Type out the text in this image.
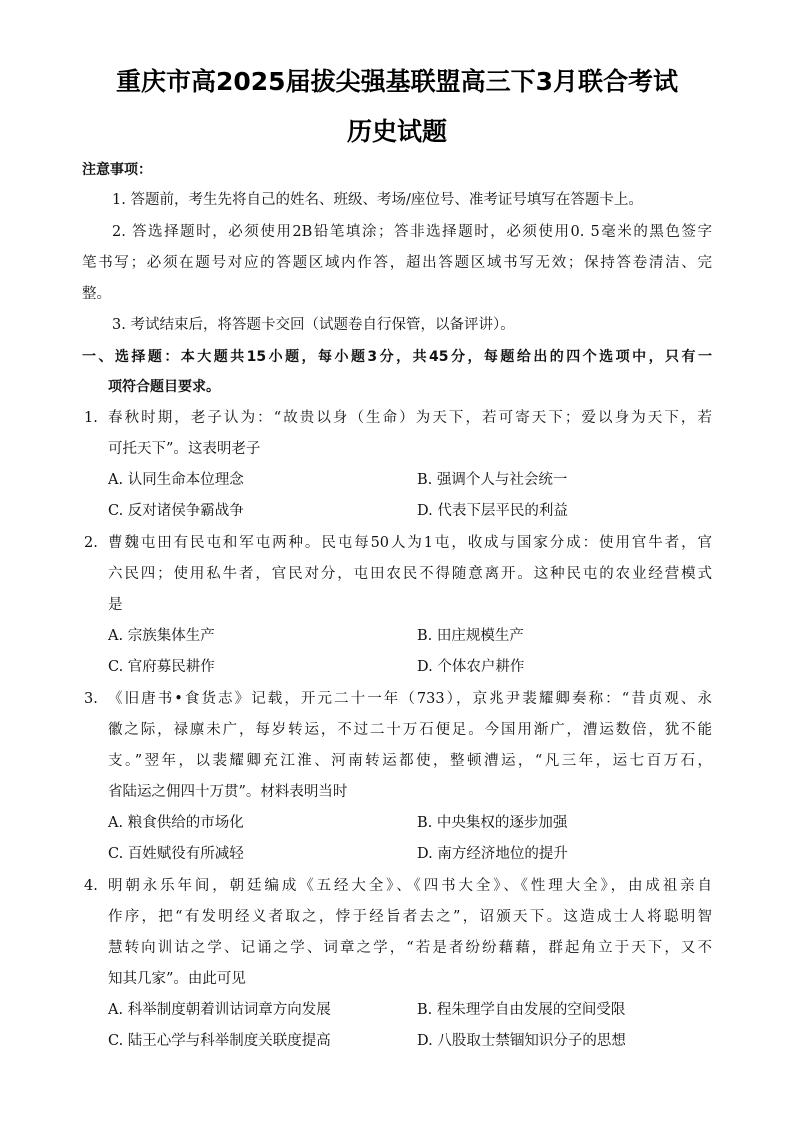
重庆市高2025届拔尖强基联盟高三下3月联合考试
历史试题
注意事项：
1. 答题前，考生先将自己的姓名、班级、考场/座位号、准考证号填写在答题卡上。
2. 答选择题时，必须使用2B铅笔填涂；答非选择题时，必须使用0. 5毫米的黑色签字
笔书写；必须在题号对应的答题区域内作答，超出答题区域书写无效；保持答卷清洁、完
整。
3. 考试结束后，将答题卡交回（试题卷自行保管，以备评讲）。
一、选择题：本大题共15小题，每小题3分，共45分，每题给出的四个选项中，只有一
项符合题目要求。
1. 春秋时期，老子认为：“故贵以身（生命）为天下，若可寄天下；爱以身为天下，若
可托天下”。这表明老子
A. 认同生命本位理念	B. 强调个人与社会统一
C. 反对诸侯争霸战争	D. 代表下层平民的利益
2. 曹魏屯田有民屯和军屯两种。民屯每50人为1屯，收成与国家分成：使用官牛者，官
六民四；使用私牛者，官民对分，屯田农民不得随意离开。这种民屯的农业经营模式
是
A. 宗族集体生产	B. 田庄规模生产
C. 官府募民耕作	D. 个体农户耕作
3. 《旧唐书•食货志》记载，开元二十一年（733），京兆尹裴耀卿奏称：“昔贞观、永
徽之际，禄廪未广，每岁转运，不过二十万石便足。今国用渐广，漕运数倍，犹不能
支。”翌年，以裴耀卿充江淮、河南转运都使，整顿漕运，“凡三年，运七百万石，
省陆运之佣四十万贯”。材料表明当时
A. 粮食供给的市场化	B. 中央集权的逐步加强
C. 百姓赋役有所减轻	D. 南方经济地位的提升
4. 明朝永乐年间，朝廷编成《五经大全》、《四书大全》、《性理大全》，由成祖亲自
作序，把“有发明经义者取之，悖于经旨者去之”，诏颁天下。这造成士人将聪明智
慧转向训诂之学、记诵之学、词章之学，“若是者纷纷藉藉，群起角立于天下，又不
知其几家”。由此可见
A. 科举制度朝着训诂词章方向发展	B. 程朱理学自由发展的空间受限
C. 陆王心学与科举制度关联度提高	D. 八股取士禁锢知识分子的思想
